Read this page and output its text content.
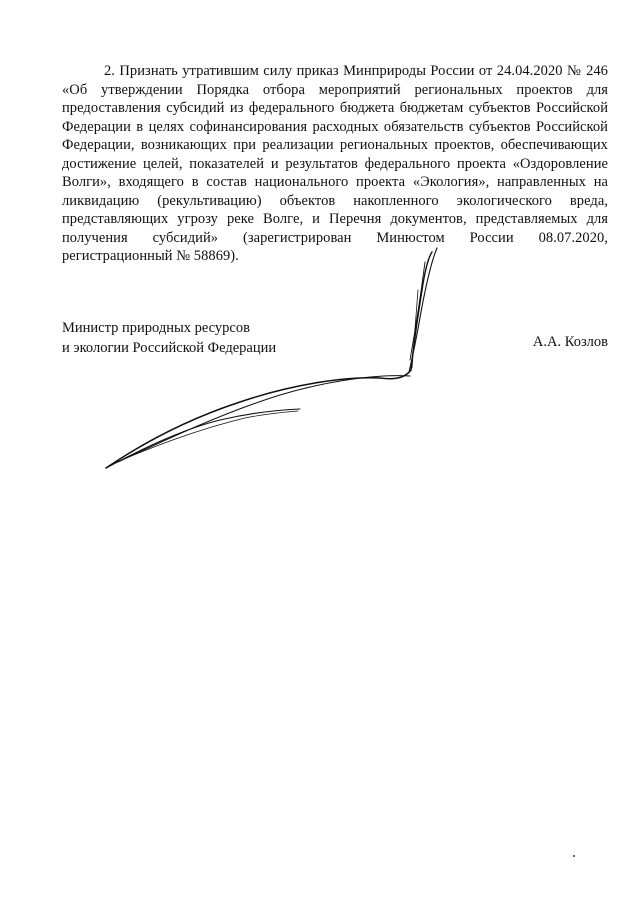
2. Признать утратившим силу приказ Минприроды России от 24.04.2020 № 246 «Об утверждении Порядка отбора мероприятий региональных проектов для предоставления субсидий из федерального бюджета бюджетам субъектов Российской Федерации в целях софинансирования расходных обязательств субъектов Российской Федерации, возникающих при реализации региональных проектов, обеспечивающих достижение целей, показателей и результатов федерального проекта «Оздоровление Волги», входящего в состав национального проекта «Экология», направленных на ликвидацию (рекультивацию) объектов накопленного экологического вреда, представляющих угрозу реке Волге, и Перечня документов, представляемых для получения субсидий» (зарегистрирован Минюстом России 08.07.2020, регистрационный № 58869).

Министр природных ресурсов
и экологии Российской Федерации	А.А. Козлов
